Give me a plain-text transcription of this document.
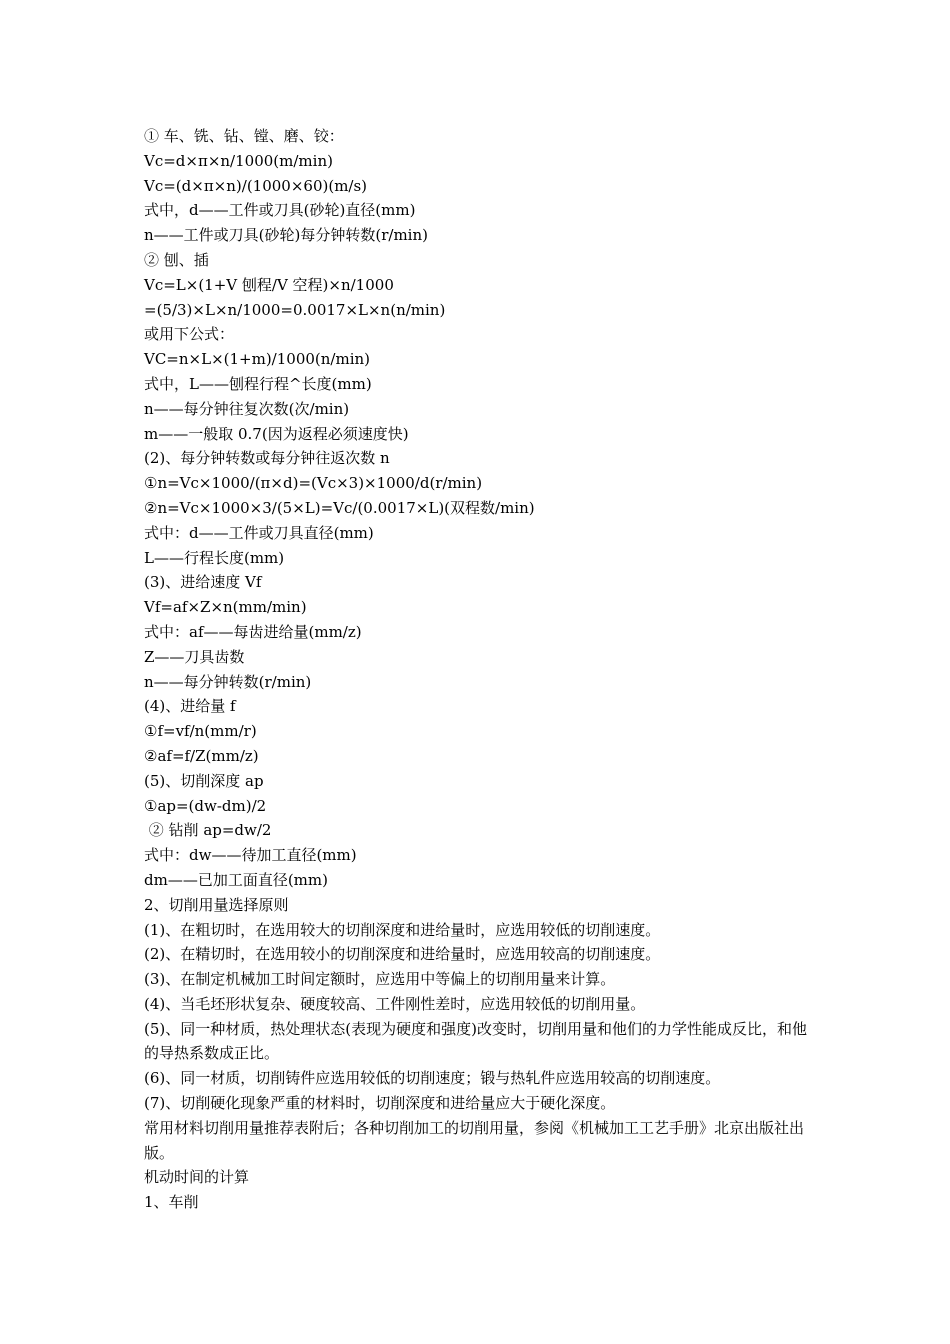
① 车、铣、钻、镗、磨、铰：
Vc=d×π×n/1000(m/min)
Vc=(d×π×n)/(1000×60)(m/s)
式中，d——工件或刀具(砂轮)直径(mm)
n——工件或刀具(砂轮)每分钟转数(r/min)
② 刨、插
Vc=L×(1+V 刨程/V 空程)×n/1000
=(5/3)×L×n/1000=0.0017×L×n(n/min)
或用下公式：
VC=n×L×(1+m)/1000(n/min)
式中，L——刨程行程^长度(mm)
n——每分钟往复次数(次/min)
m——一般取 0.7(因为返程必须速度快)
(2)、每分钟转数或每分钟往返次数 n
①n=Vc×1000/(π×d)=(Vc×3)×1000/d(r/min)
②n=Vc×1000×3/(5×L)=Vc/(0.0017×L)(双程数/min)
式中：d——工件或刀具直径(mm)
L——行程长度(mm)
(3)、进给速度 Vf
Vf=af×Z×n(mm/min)
式中：af——每齿进给量(mm/z)
Z——刀具齿数
n——每分钟转数(r/min)
(4)、进给量 f
①f=vf/n(mm/r)
②af=f/Z(mm/z)
(5)、切削深度 ap
①ap=(dw-dm)/2
② 钻削 ap=dw/2
式中：dw——待加工直径(mm)
dm——已加工面直径(mm)
2、切削用量选择原则
(1)、在粗切时，在选用较大的切削深度和进给量时，应选用较低的切削速度。
(2)、在精切时，在选用较小的切削深度和进给量时，应选用较高的切削速度。
(3)、在制定机械加工时间定额时，应选用中等偏上的切削用量来计算。
(4)、当毛坯形状复杂、硬度较高、工件刚性差时，应选用较低的切削用量。
(5)、同一种材质，热处理状态(表现为硬度和强度)改变时，切削用量和他们的力学性能成反比，和他的导热系数成正比。
(6)、同一材质，切削铸件应选用较低的切削速度；锻与热轧件应选用较高的切削速度。
(7)、切削硬化现象严重的材料时，切削深度和进给量应大于硬化深度。
常用材料切削用量推荐表附后；各种切削加工的切削用量，参阅《机械加工工艺手册》北京出版社出版。
机动时间的计算
1、车削
